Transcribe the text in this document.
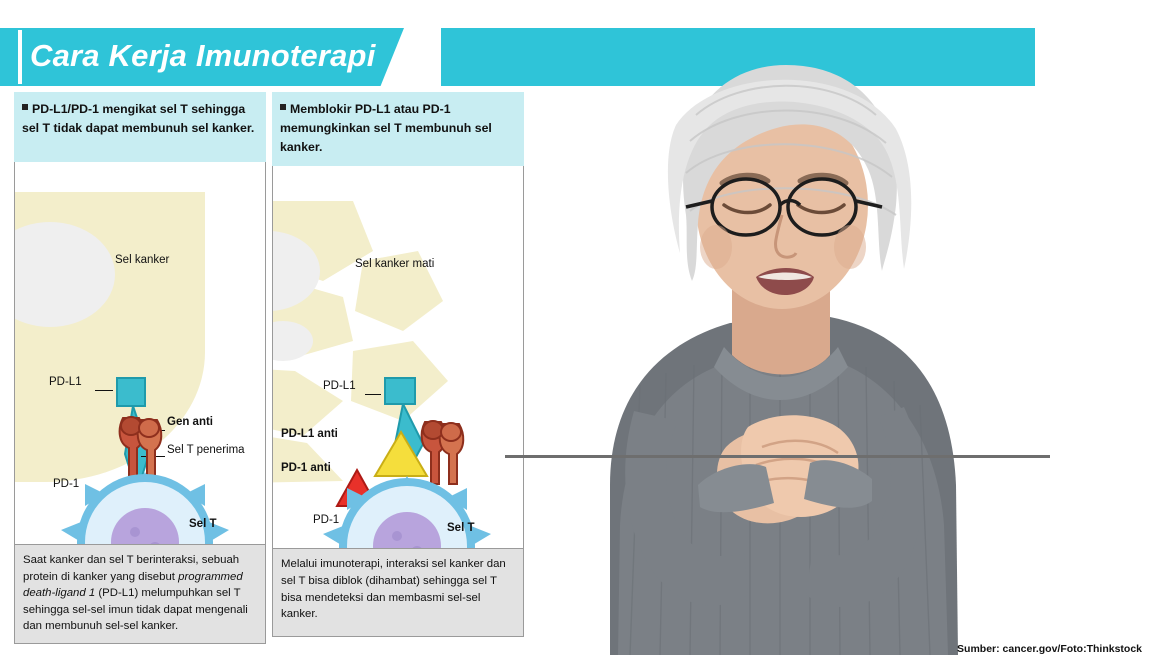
Cara Kerja Imunoterapi
PD-L1/PD-1 mengikat sel T sehingga sel T tidak dapat membunuh sel kanker.
Sel kanker
PD-L1
Gen anti
Sel T penerima
PD-1
Sel T
Saat kanker dan sel T berinteraksi, sebuah protein di kanker yang disebut programmed death-ligand 1 (PD-L1) melumpuhkan sel T sehingga sel-sel imun tidak dapat mengenali dan membunuh sel-sel kanker.
Memblokir PD-L1 atau PD-1 memungkinkan sel T membunuh sel kanker.
Sel kanker mati
PD-L1
PD-L1 anti
PD-1 anti
PD-1
Sel T
Melalui imunoterapi, interaksi sel kanker dan sel T bisa diblok (dihambat) sehingga sel T bisa mendeteksi dan membasmi sel-sel kanker.
Sumber: cancer.gov/Foto:Thinkstock
